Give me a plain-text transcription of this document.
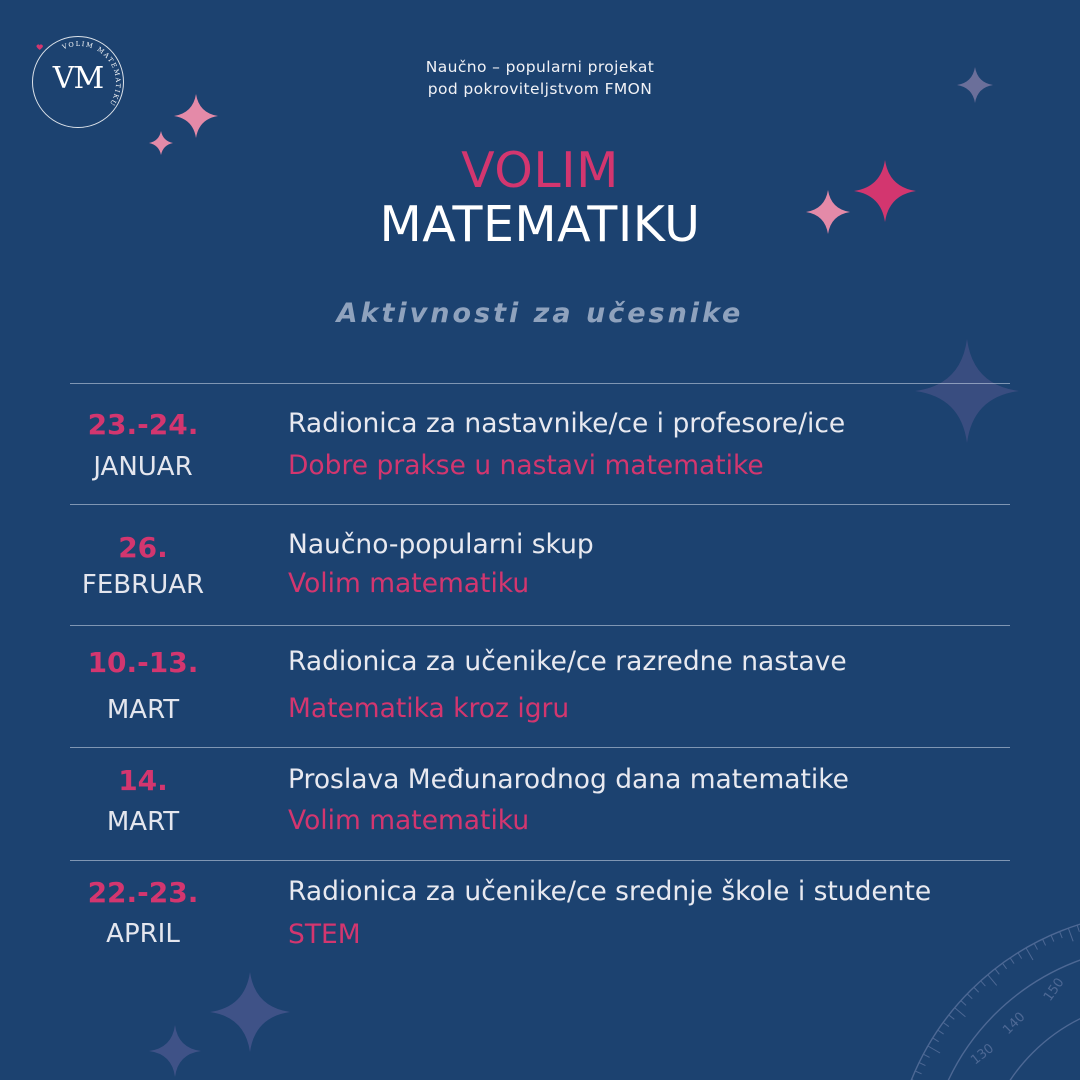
VOLIM MATEMATIKU
VM	Naučno – popularni projekat
pod pokroviteljstvom FMON
VOLIM
MATEMATIKU
Aktivnosti za učesnike
150
140
130
23.-24.
JANUAR
Radionica za nastavnike/ce i profesore/ice
Dobre prakse u nastavi matematike
26.
FEBRUAR
Naučno-popularni skup
Volim matematiku
10.-13.
MART
Radionica za učenike/ce razredne nastave
Matematika kroz igru
14.
MART
Proslava Međunarodnog dana matematike
Volim matematiku
22.-23.
APRIL
Radionica za učenike/ce srednje škole i studente
STEM
